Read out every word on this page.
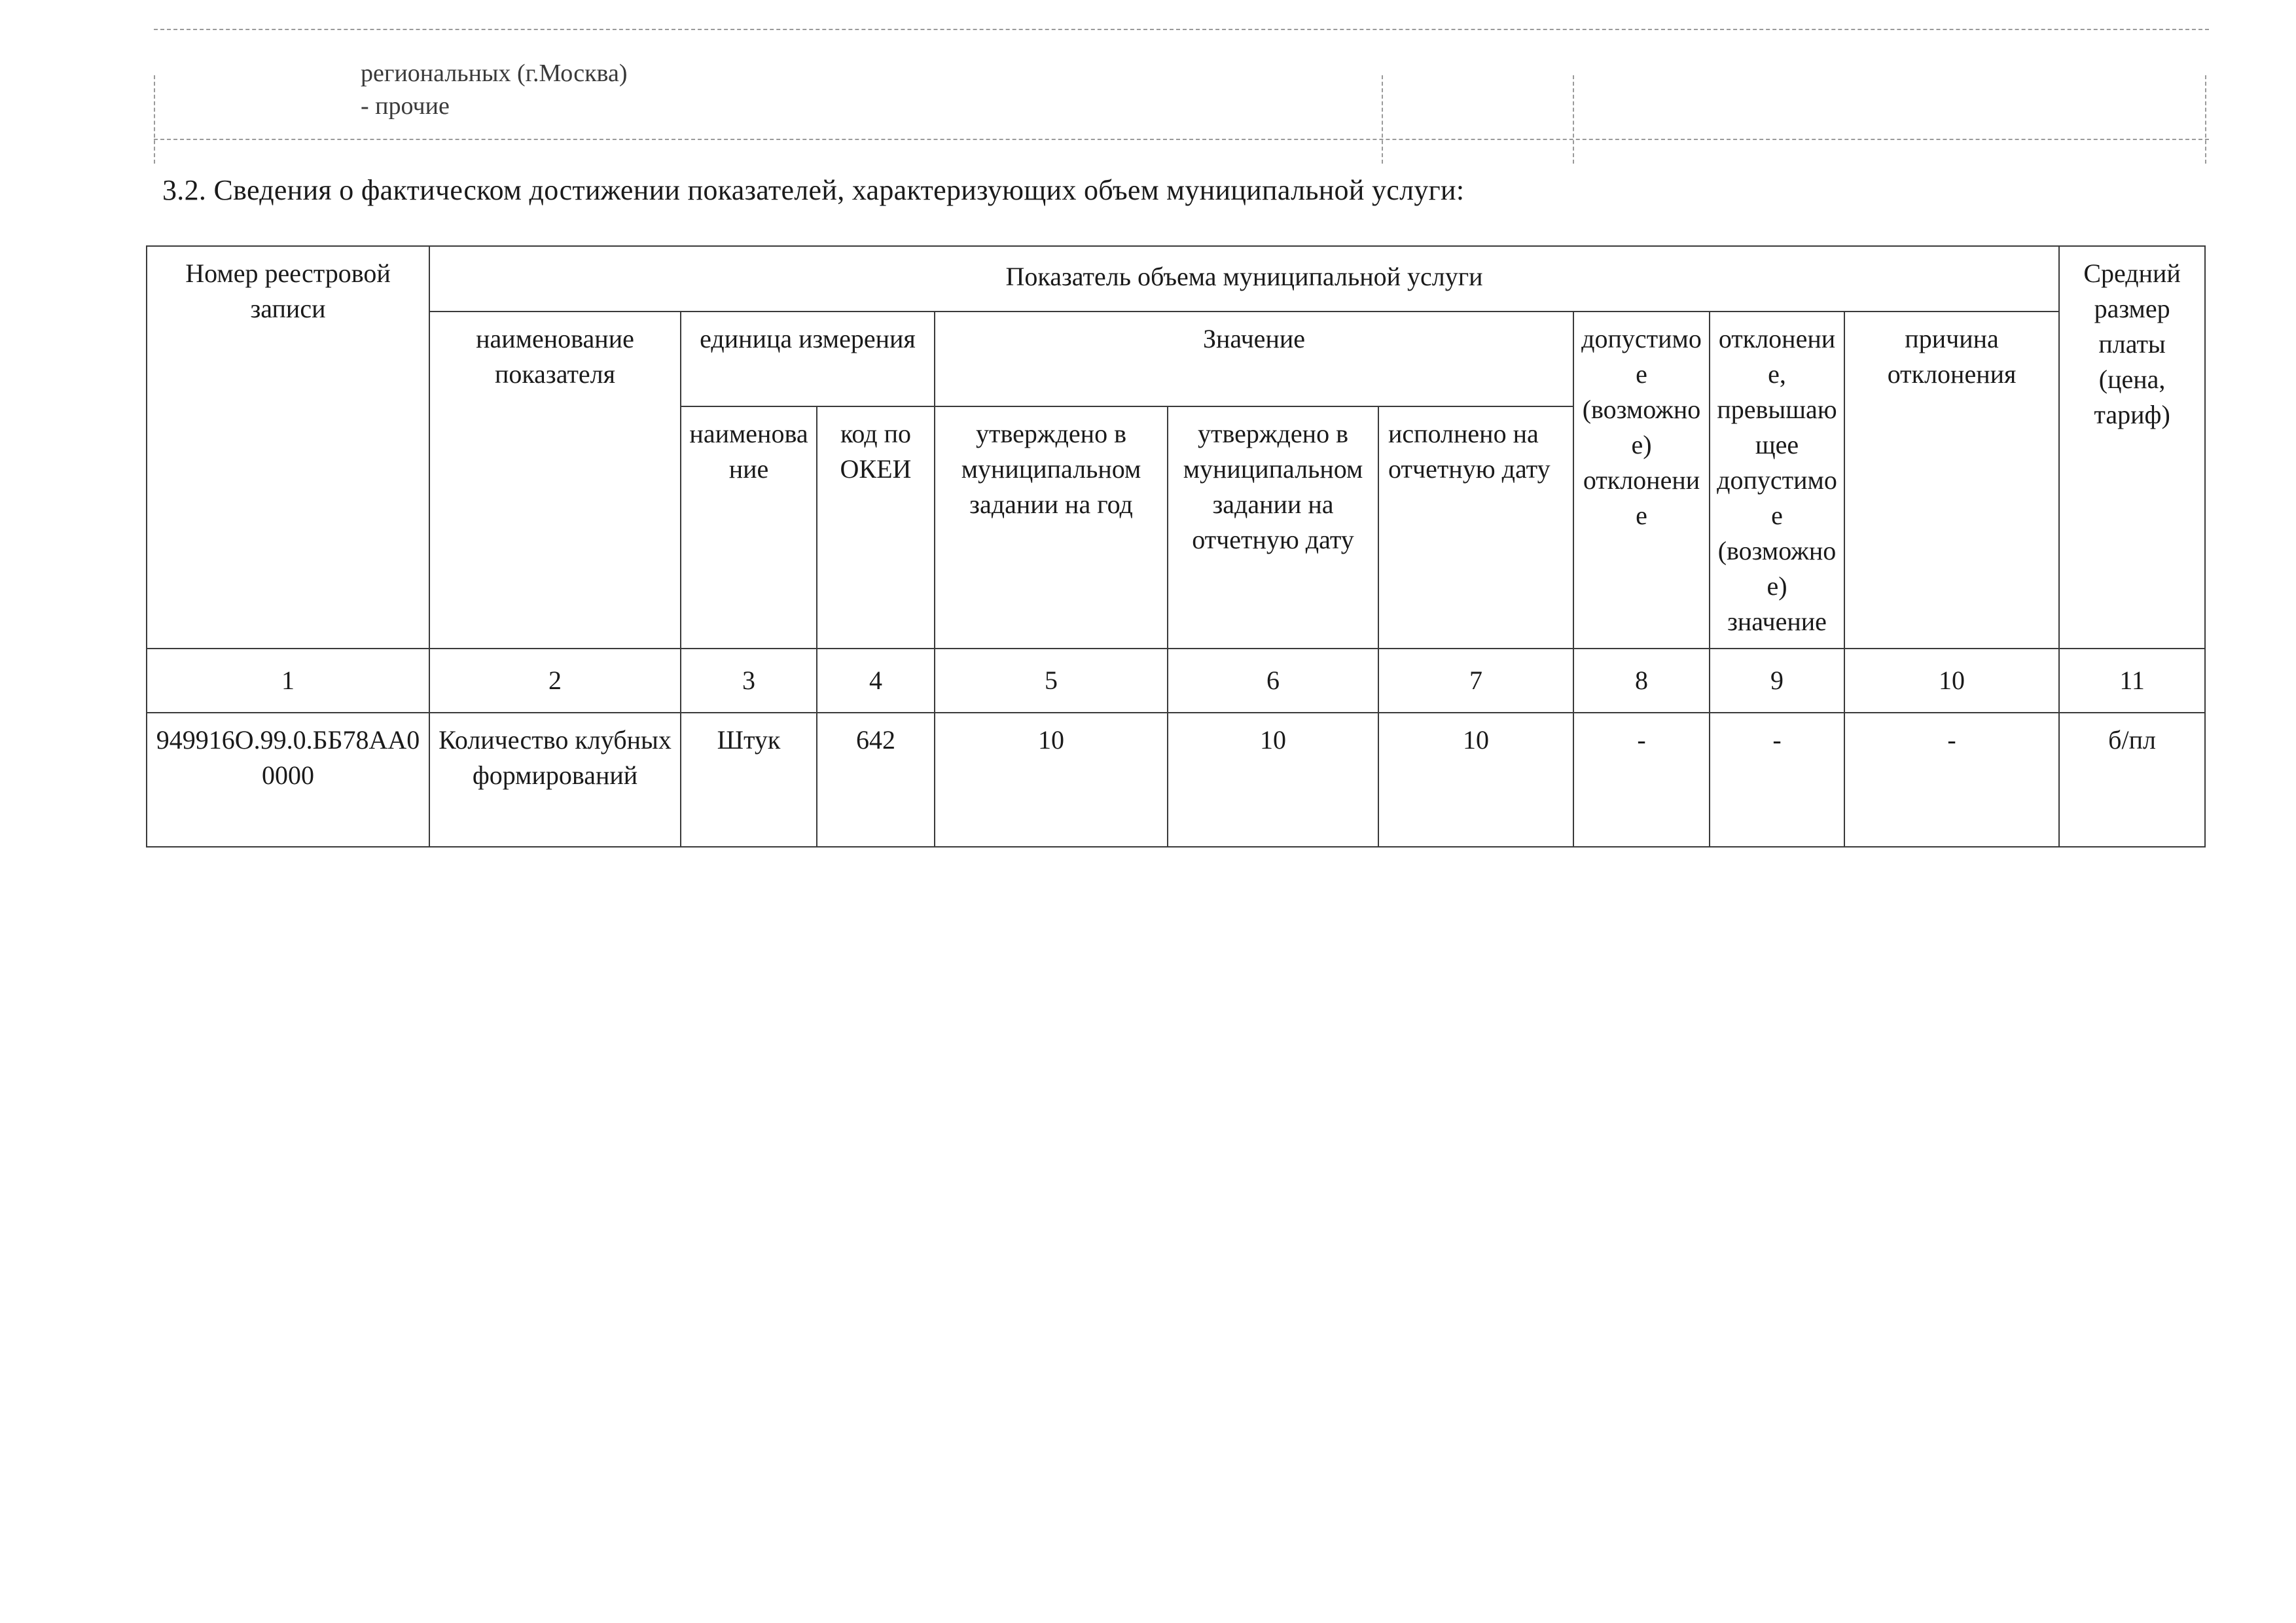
региональных (г.Москва)
- прочие
3.2. Сведения о фактическом достижении показателей, характеризующих объем муниципальной услуги:
Номер реестровой записи	Показатель объема муниципальной услуги									Средний размер платы (цена, тариф)
	наименование показателя	единица измерения		Значение			допустимое (возможное) отклонение	отклонение, превышающее допустимое (возможное) значение	причина отклонения	
		наименование	код по ОКЕИ	утверждено в муниципальном задании на год	утверждено в муниципальном задании на отчетную дату	исполнено на отчетную дату				
1	2	3	4	5	6	7	8	9	10	11
949916О.99.0.ББ78АА00000	Количество клубных формирований	Штук	642	10	10	10	-	-	-	б/пл
